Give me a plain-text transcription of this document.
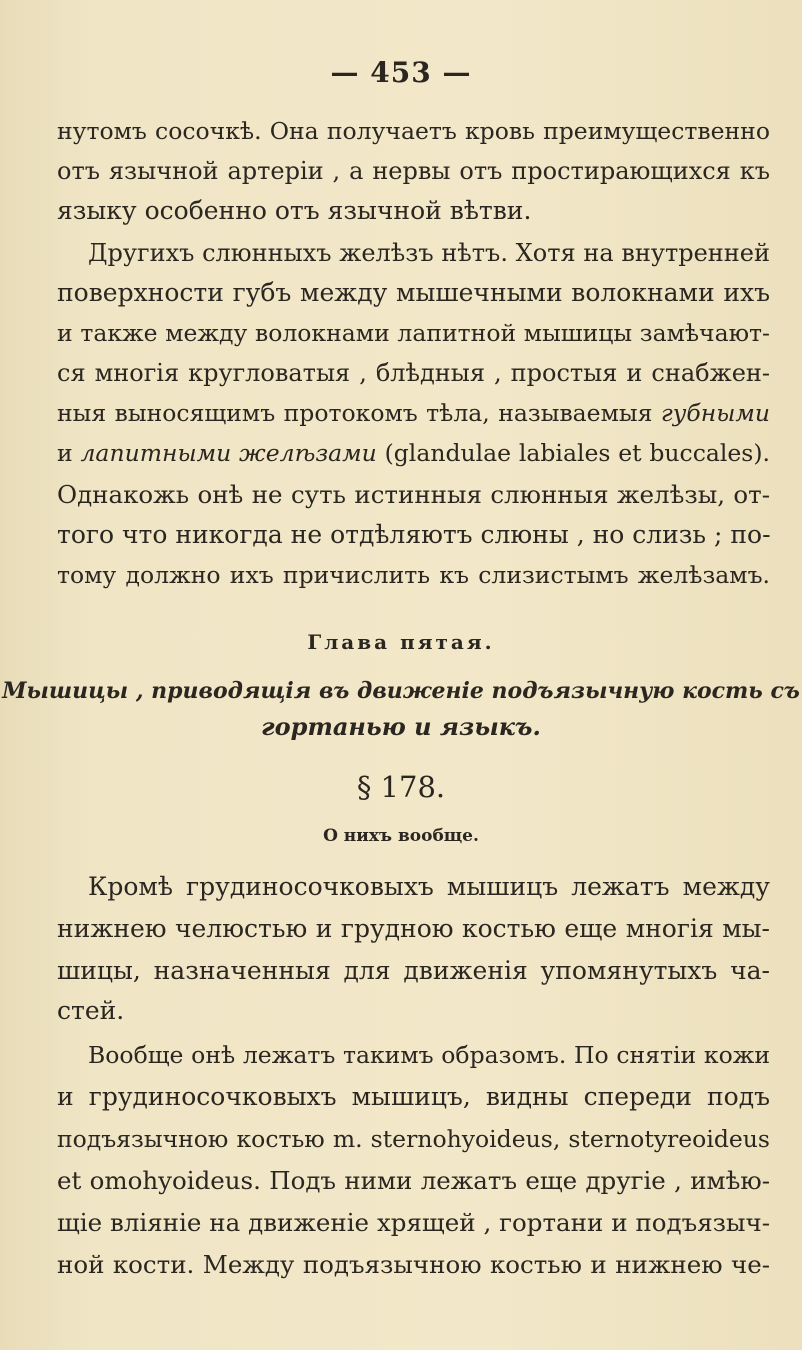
— 453 —
нутомъ сосочкѣ. Она получаетъ кровь преимущественно
отъ язычной артеріи , а нервы отъ простирающихся къ
языку особенно отъ язычной вѣтви.
Другихъ слюнныхъ желѣзъ нѣтъ. Хотя на внутренней
поверхности губъ между мышечными волокнами ихъ
и также между волокнами лапитной мышицы замѣчают-
ся многія кругловатыя , блѣдныя , простыя и снабжен-
ныя выносящимъ протокомъ тѣла, называемыя губными
и лапитными желѣзами (glandulae labiales et buccales).
Однакожь онѣ не суть истинныя слюнныя желѣзы, от-
того что никогда не отдѣляютъ слюны , но слизь ; по-
тому должно ихъ причислить къ слизистымъ желѣзамъ.
Глава пятая.
Мышицы , приводящія въ движеніе подъязычную кость съ
гортанью и языкъ.
§ 178.
О нихъ вообще.
Кромѣ грудиносочковыхъ мышицъ лежатъ между
нижнею челюстью и грудною костью еще многія мы-
шицы, назначенныя для движенія упомянутыхъ ча-
стей.
Вообще онѣ лежатъ такимъ образомъ. По снятіи кожи
и грудиносочковыхъ мышицъ, видны спереди подъ
подъязычною костью m. sternohyoideus, sternotyreoideus
et omohyoideus. Подъ ними лежатъ еще другіе , имѣю-
щіе вліяніе на движеніе хрящей , гортани и подъязыч-
ной кости. Между подъязычною костью и нижнею че-
